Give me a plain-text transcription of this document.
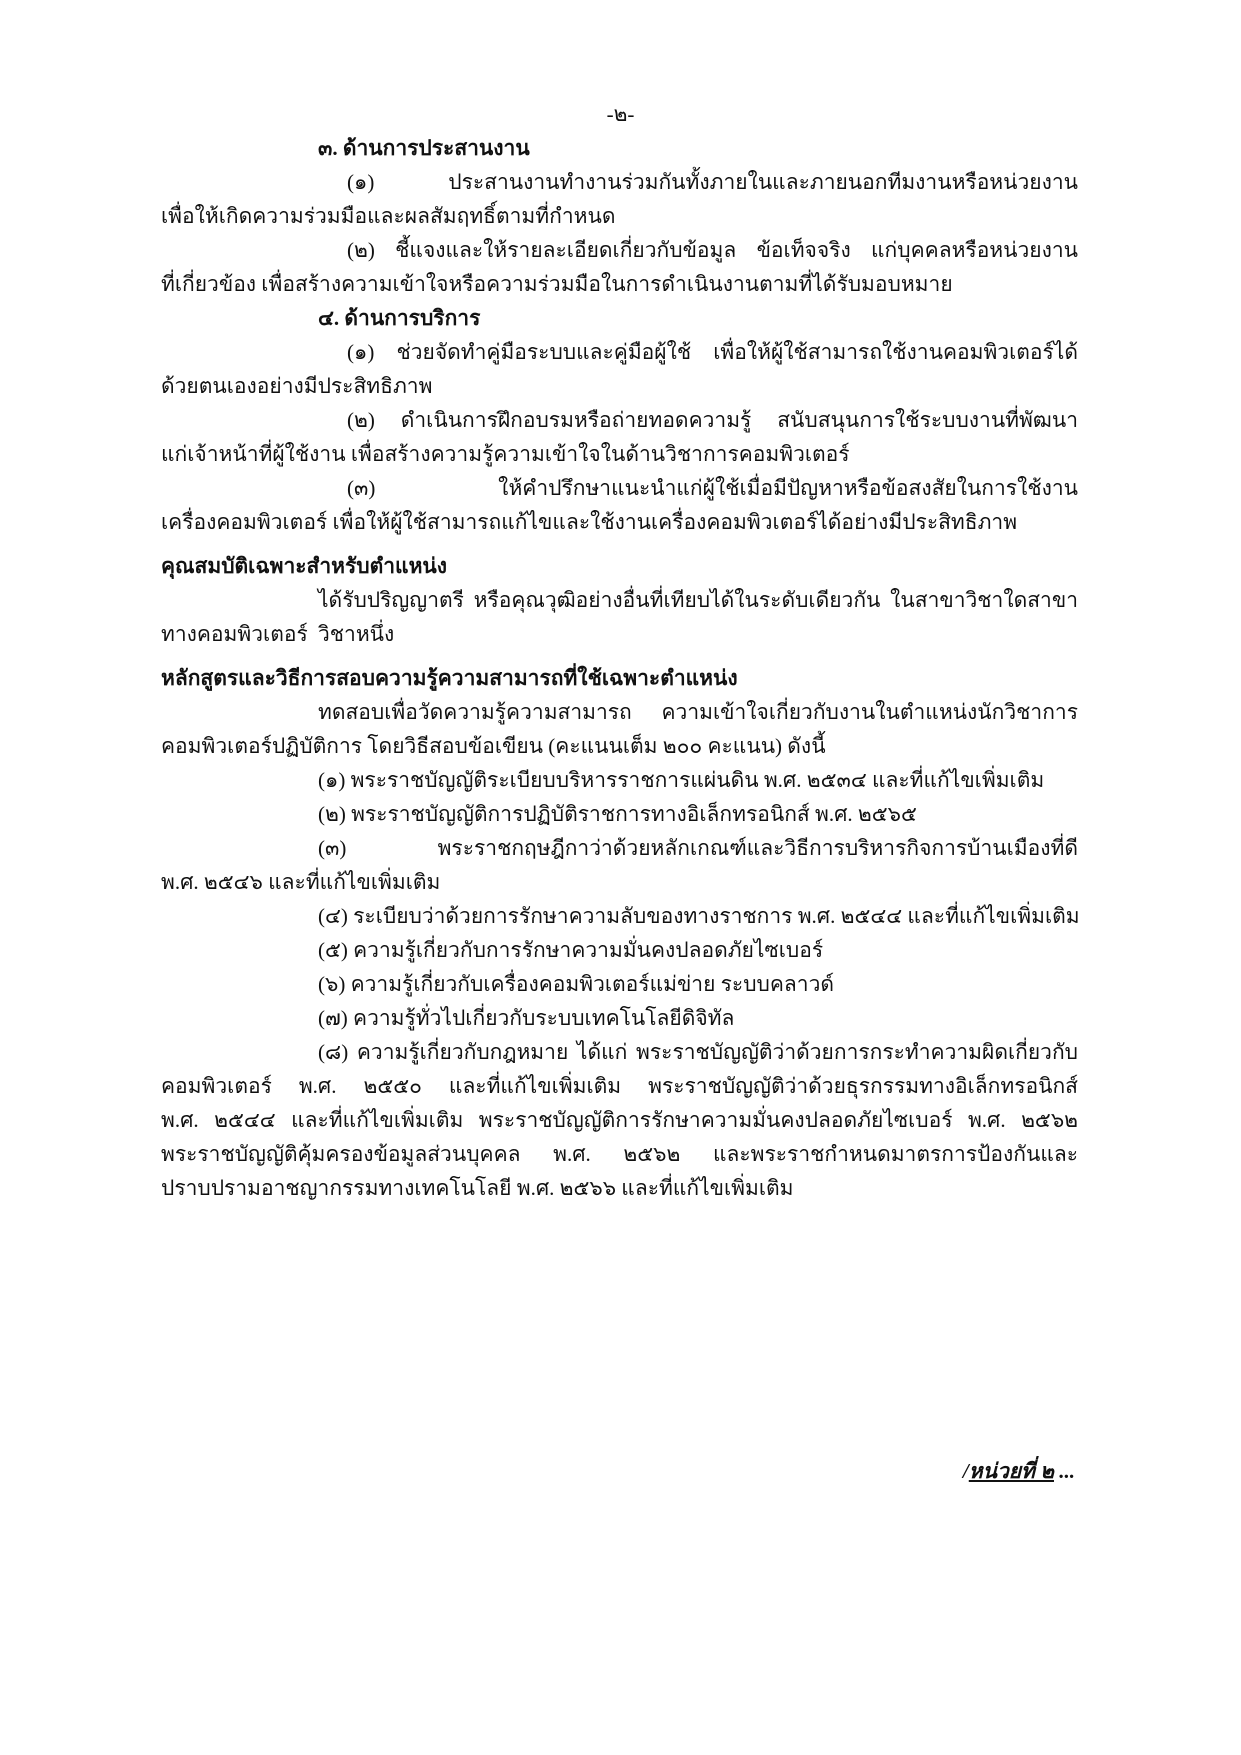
-๒-
๓. ด้านการประสานงาน
(๑) ประสานงานทำงานร่วมกันทั้งภายในและภายนอกทีมงานหรือหน่วยงาน
เพื่อให้เกิดความร่วมมือและผลสัมฤทธิ์ตามที่กำหนด
(๒) ชี้แจงและให้รายละเอียดเกี่ยวกับข้อมูล ข้อเท็จจริง แก่บุคคลหรือหน่วยงาน
ที่เกี่ยวข้อง เพื่อสร้างความเข้าใจหรือความร่วมมือในการดำเนินงานตามที่ได้รับมอบหมาย
๔. ด้านการบริการ
(๑) ช่วยจัดทำคู่มือระบบและคู่มือผู้ใช้ เพื่อให้ผู้ใช้สามารถใช้งานคอมพิวเตอร์ได้
ด้วยตนเองอย่างมีประสิทธิภาพ
(๒) ดำเนินการฝึกอบรมหรือถ่ายทอดความรู้ สนับสนุนการใช้ระบบงานที่พัฒนา
แก่เจ้าหน้าที่ผู้ใช้งาน เพื่อสร้างความรู้ความเข้าใจในด้านวิชาการคอมพิวเตอร์
(๓) ให้คำปรึกษาแนะนำแก่ผู้ใช้เมื่อมีปัญหาหรือข้อสงสัยในการใช้งาน
เครื่องคอมพิวเตอร์ เพื่อให้ผู้ใช้สามารถแก้ไขและใช้งานเครื่องคอมพิวเตอร์ได้อย่างมีประสิทธิภาพ
คุณสมบัติเฉพาะสำหรับตำแหน่ง
ได้รับปริญญาตรี หรือคุณวุฒิอย่างอื่นที่เทียบได้ในระดับเดียวกัน ในสาขาวิชาใดสาขาวิชาหนึ่ง
ทางคอมพิวเตอร์
หลักสูตรและวิธีการสอบความรู้ความสามารถที่ใช้เฉพาะตำแหน่ง
ทดสอบเพื่อวัดความรู้ความสามารถ ความเข้าใจเกี่ยวกับงานในตำแหน่งนักวิชาการ
คอมพิวเตอร์ปฏิบัติการ โดยวิธีสอบข้อเขียน (คะแนนเต็ม ๒๐๐ คะแนน) ดังนี้
(๑) พระราชบัญญัติระเบียบบริหารราชการแผ่นดิน พ.ศ. ๒๕๓๔ และที่แก้ไขเพิ่มเติม
(๒) พระราชบัญญัติการปฏิบัติราชการทางอิเล็กทรอนิกส์ พ.ศ. ๒๕๖๕
(๓) พระราชกฤษฎีกาว่าด้วยหลักเกณฑ์และวิธีการบริหารกิจการบ้านเมืองที่ดี
พ.ศ. ๒๕๔๖ และที่แก้ไขเพิ่มเติม
(๔) ระเบียบว่าด้วยการรักษาความลับของทางราชการ พ.ศ. ๒๕๔๔ และที่แก้ไขเพิ่มเติม
(๕) ความรู้เกี่ยวกับการรักษาความมั่นคงปลอดภัยไซเบอร์
(๖) ความรู้เกี่ยวกับเครื่องคอมพิวเตอร์แม่ข่าย ระบบคลาวด์
(๗) ความรู้ทั่วไปเกี่ยวกับระบบเทคโนโลยีดิจิทัล
(๘) ความรู้เกี่ยวกับกฎหมาย ได้แก่ พระราชบัญญัติว่าด้วยการกระทำความผิดเกี่ยวกับ
คอมพิวเตอร์ พ.ศ. ๒๕๕๐ และที่แก้ไขเพิ่มเติม พระราชบัญญัติว่าด้วยธุรกรรมทางอิเล็กทรอนิกส์
พ.ศ. ๒๕๔๔ และที่แก้ไขเพิ่มเติม พระราชบัญญัติการรักษาความมั่นคงปลอดภัยไซเบอร์ พ.ศ. ๒๕๖๒
พระราชบัญญัติคุ้มครองข้อมูลส่วนบุคคล พ.ศ. ๒๕๖๒ และพระราชกำหนดมาตรการป้องกันและ
ปราบปรามอาชญากรรมทางเทคโนโลยี พ.ศ. ๒๕๖๖ และที่แก้ไขเพิ่มเติม
/หน่วยที่ ๒ ...
